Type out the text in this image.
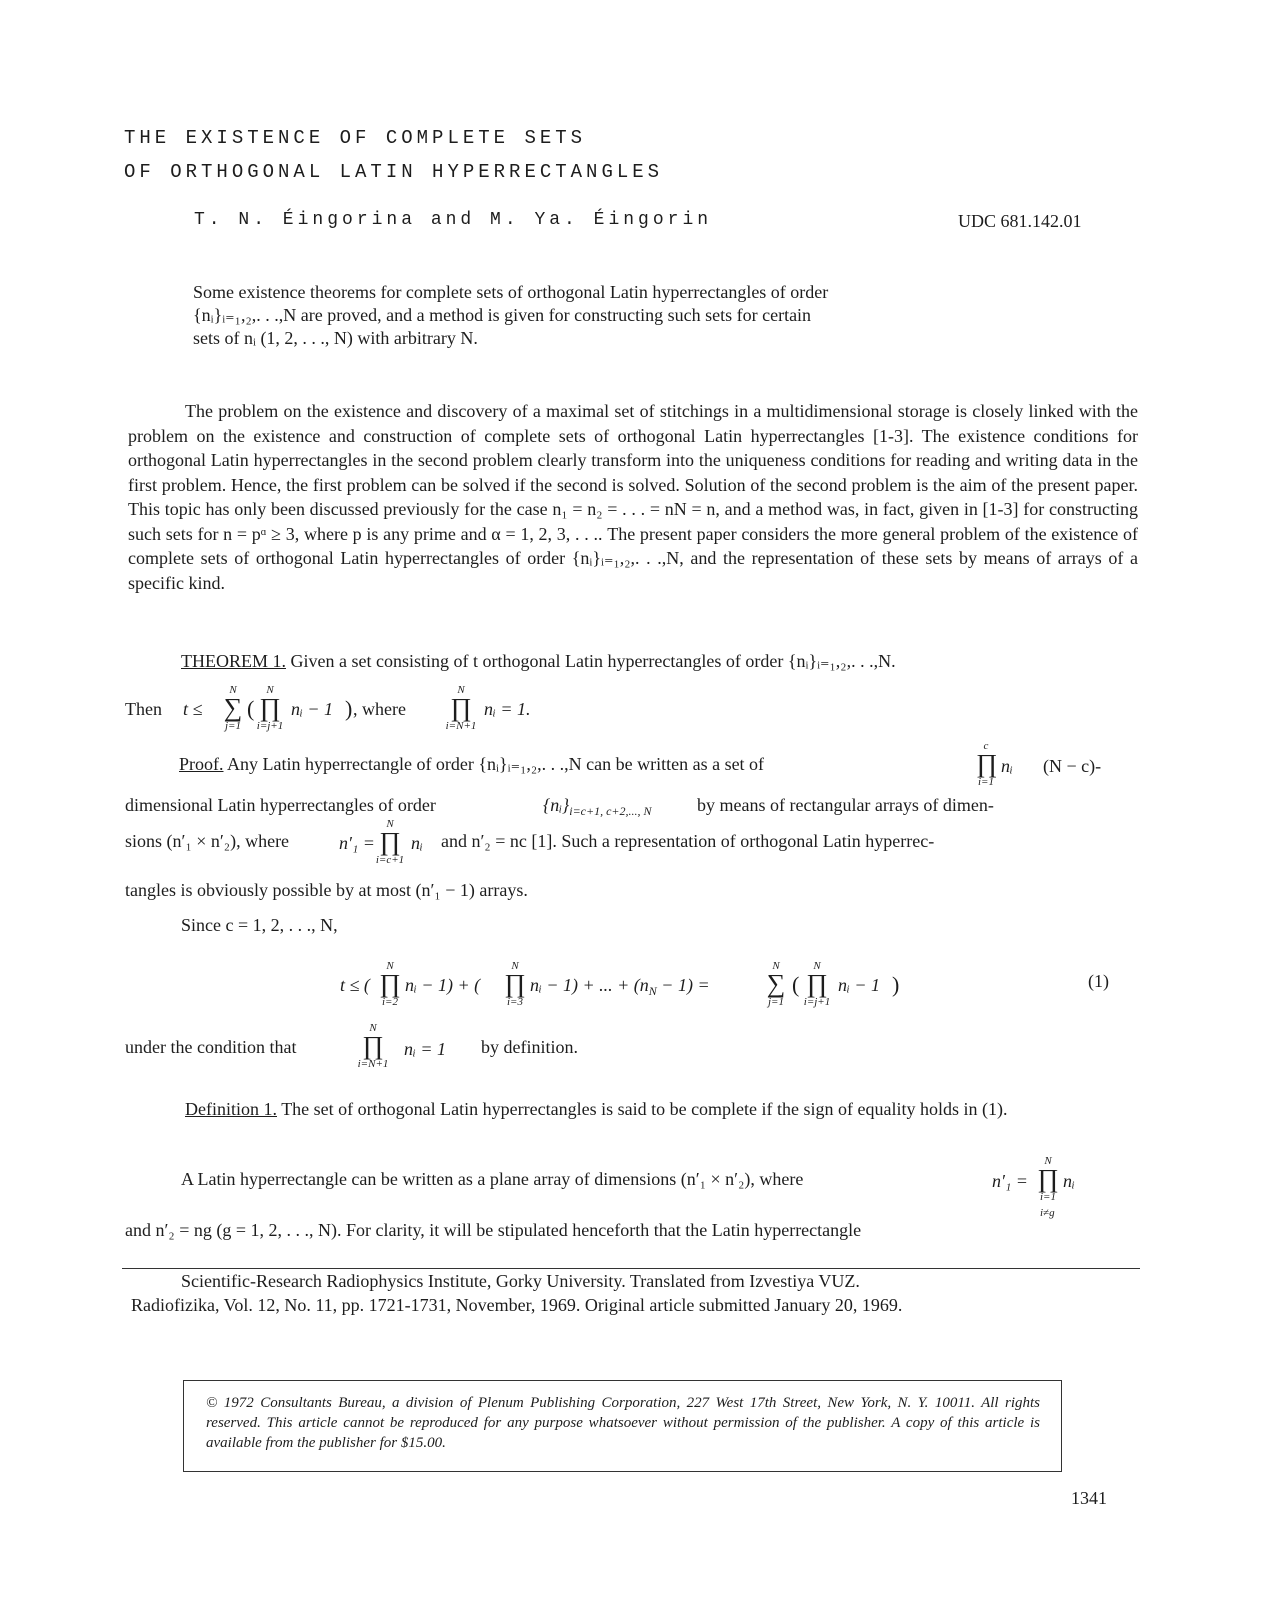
THE EXISTENCE OF COMPLETE SETS
OF ORTHOGONAL LATIN HYPERRECTANGLES
T. N. Éingorina and M. Ya. Éingorin	UDC 681.142.01
Some existence theorems for complete sets of orthogonal Latin hyperrectangles of order
{nᵢ}ᵢ₌₁,₂,. . .,N are proved, and a method is given for constructing such sets for certain
sets of nᵢ (1, 2, . . ., N) with arbitrary N.
The problem on the existence and discovery of a maximal set of stitchings in a multidimensional storage is closely linked with the problem on the existence and construction of complete sets of orthogonal Latin hyperrectangles [1-3]. The existence conditions for orthogonal Latin hyperrectangles in the second problem clearly transform into the uniqueness conditions for reading and writing data in the first problem. Hence, the first problem can be solved if the second is solved. Solution of the second problem is the aim of the present paper. This topic has only been discussed previously for the case n₁ = n₂ = . . . = nN = n, and a method was, in fact, given in [1-3] for constructing such sets for n = pᵅ ≥ 3, where p is any prime and α = 1, 2, 3, . . .. The present paper considers the more general problem of the existence of complete sets of orthogonal Latin hyperrectangles of order {nᵢ}ᵢ₌₁,₂,. . .,N, and the representation of these sets by means of arrays of a specific kind.
THEOREM 1. Given a set consisting of t orthogonal Latin hyperrectangles of order {nᵢ}ᵢ₌₁,₂,. . .,N.
Then t ≤
N
∑
j=1
(
N
∏
i=j+1
nᵢ − 1 ) , where
N
∏
i=N+1
nᵢ = 1.
Proof. Any Latin hyperrectangle of order {nᵢ}ᵢ₌₁,₂,. . .,N can be written as a set of
c
∏
i=1
nᵢ (N − c)-
dimensional Latin hyperrectangles of order	$\{nᵢ\}_{i=c+1, c+2,..., N}$	by means of rectangular arrays of dimen-
sions (n′₁ × n′₂), where	n′₁ =
N
∏
i=c+1
nᵢ and n′₂ = nc [1]. Such a representation of orthogonal Latin hyperrec-
tangles is obviously possible by at most (n′₁ − 1) arrays.
Since c = 1, 2, . . ., N,
t ≤ (
N
∏
i=2
nᵢ − 1) + (
N
∏
i=3
nᵢ − 1) + ... + $(n_N - 1)$ =
N
∑
j=1
(
N
∏
i=j+1
nᵢ − 1 )	(1)
under the condition that
N
∏
i=N+1
nᵢ = 1 by definition.
Definition 1. The set of orthogonal Latin hyperrectangles is said to be complete if the sign of equality holds in (1).
A Latin hyperrectangle can be written as a plane array of dimensions (n′₁ × n′₂), where	n′₁ =
N
∏
i=1
nᵢ
i≠g
and n′₂ = ng (g = 1, 2, . . ., N). For clarity, it will be stipulated henceforth that the Latin hyperrectangle
Scientific-Research Radiophysics Institute, Gorky University. Translated from Izvestiya VUZ.
Radiofizika, Vol. 12, No. 11, pp. 1721-1731, November, 1969. Original article submitted January 20, 1969.
© 1972 Consultants Bureau, a division of Plenum Publishing Corporation, 227 West 17th Street, New York, N. Y. 10011. All rights reserved. This article cannot be reproduced for any purpose whatsoever without permission of the publisher. A copy of this article is available from the publisher for $15.00.
1341
